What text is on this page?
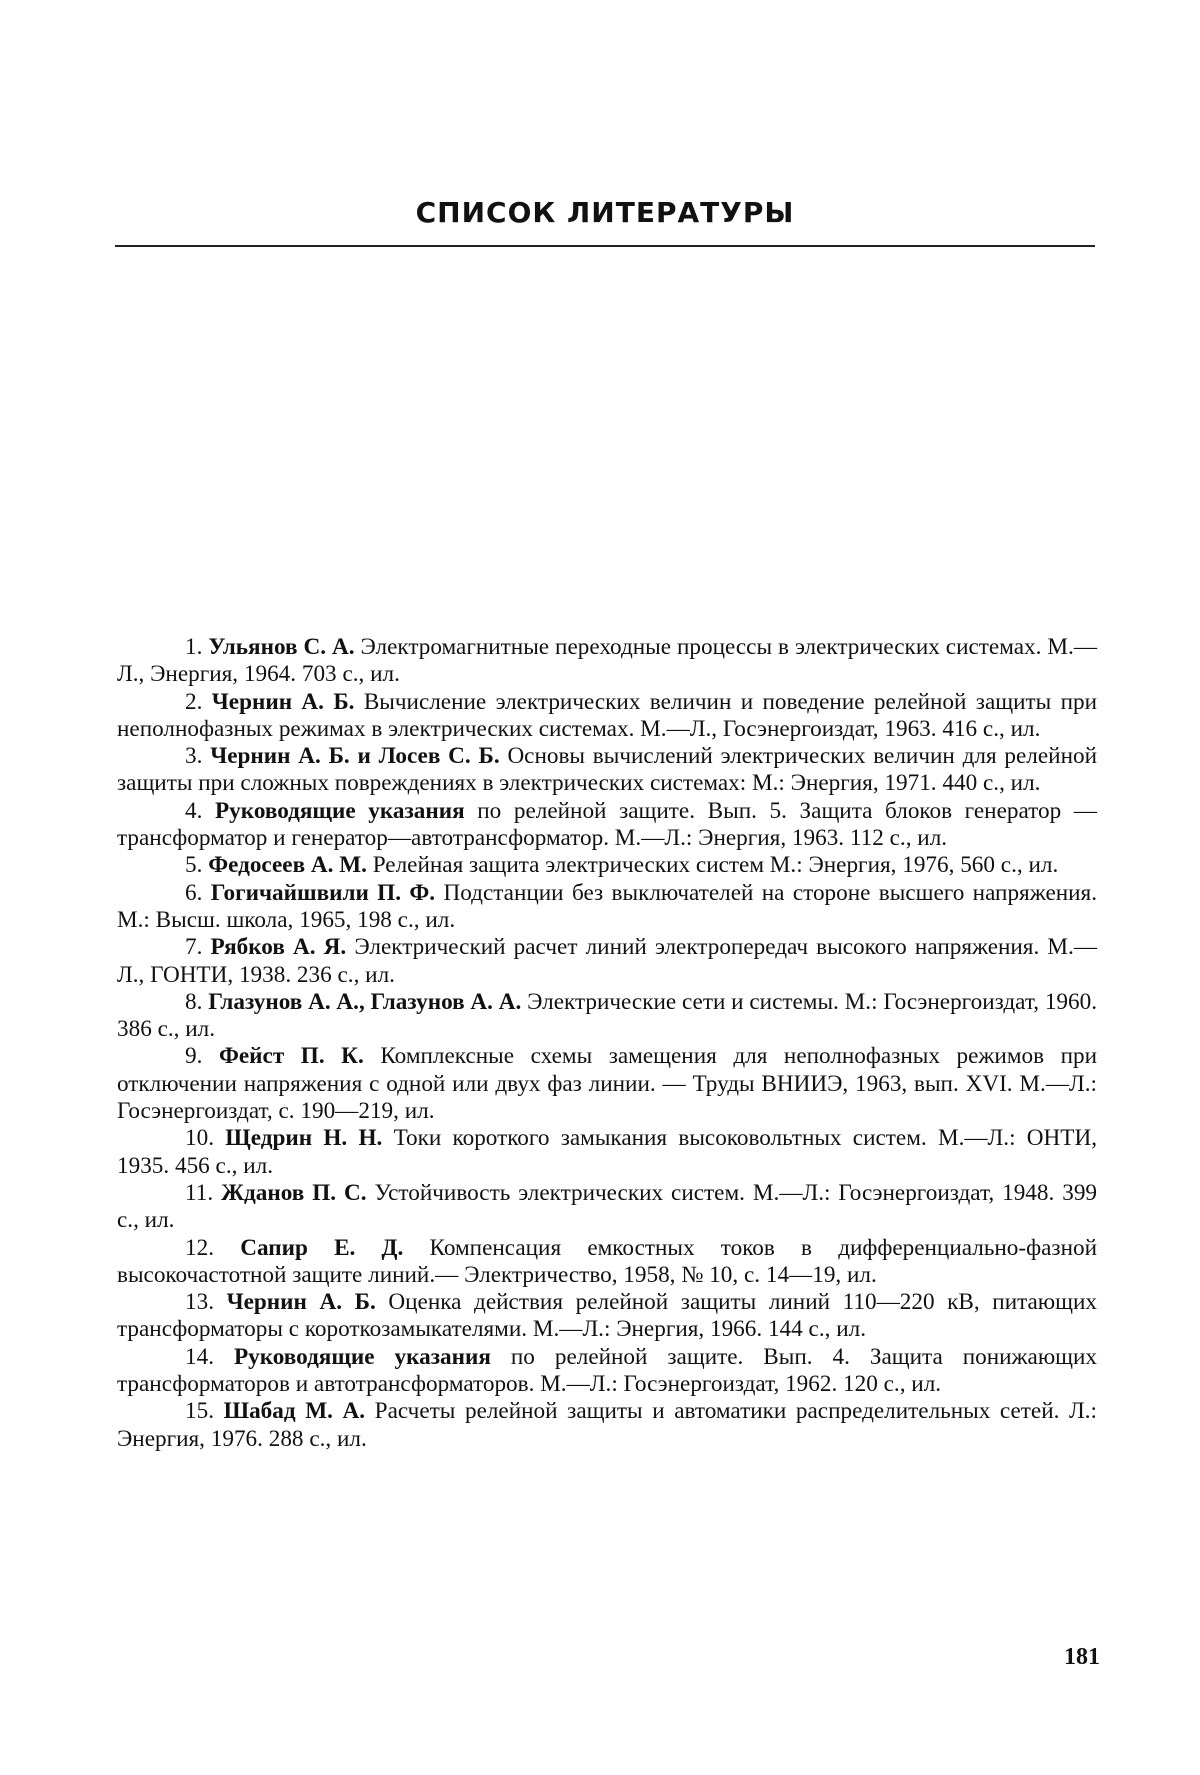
СПИСОК ЛИТЕРАТУРЫ
1. Ульянов С. А. Электромагнитные переходные процессы в электрических системах. М.—Л., Энергия, 1964. 703 с., ил.
2. Чернин А. Б. Вычисление электрических величин и поведение релейной защиты при неполнофазных режимах в электрических системах. М.—Л., Госэнергоиздат, 1963. 416 с., ил.
3. Чернин А. Б. и Лосев С. Б. Основы вычислений электрических величин для релейной защиты при сложных повреждениях в электрических системах: М.: Энергия, 1971. 440 с., ил.
4. Руководящие указания по релейной защите. Вып. 5. Защита блоков генератор — трансформатор и генератор—автотрансформатор. М.—Л.: Энергия, 1963. 112 с., ил.
5. Федосеев А. М. Релейная защита электрических систем М.: Энергия, 1976, 560 с., ил.
6. Гогичайшвили П. Ф. Подстанции без выключателей на стороне высшего напряжения. М.: Высш. школа, 1965, 198 с., ил.
7. Рябков А. Я. Электрический расчет линий электропередач высокого напряжения. М.—Л., ГОНТИ, 1938. 236 с., ил.
8. Глазунов А. А., Глазунов А. А. Электрические сети и системы. М.: Госэнергоиздат, 1960. 386 с., ил.
9. Фейст П. К. Комплексные схемы замещения для неполнофазных режимов при отключении напряжения с одной или двух фаз линии. — Труды ВНИИЭ, 1963, вып. XVI. М.—Л.: Госэнергоиздат, с. 190—219, ил.
10. Щедрин Н. Н. Токи короткого замыкания высоковольтных систем. М.—Л.: ОНТИ, 1935. 456 с., ил.
11. Жданов П. С. Устойчивость электрических систем. М.—Л.: Госэнергоиздат, 1948. 399 с., ил.
12. Сапир Е. Д. Компенсация емкостных токов в дифференциально-фазной высокочастотной защите линий.— Электричество, 1958, № 10, с. 14—19, ил.
13. Чернин А. Б. Оценка действия релейной защиты линий 110—220 кВ, питающих трансформаторы с короткозамыкателями. М.—Л.: Энергия, 1966. 144 с., ил.
14. Руководящие указания по релейной защите. Вып. 4. Защита понижающих трансформаторов и автотрансформаторов. М.—Л.: Госэнергоиздат, 1962. 120 с., ил.
15. Шабад М. А. Расчеты релейной защиты и автоматики распределительных сетей. Л.: Энергия, 1976. 288 с., ил.
181
